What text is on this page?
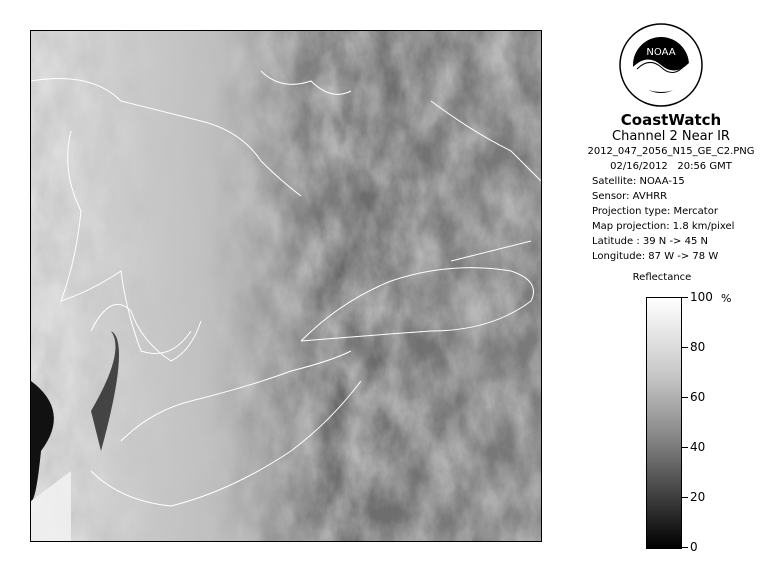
NOAA
CoastWatch
Channel 2 Near IR
2012_047_2056_N15_GE_C2.PNG
02/16/2012 20:56 GMT
Satellite: NOAA-15
Sensor: AVHRR
Projection type: Mercator
Map projection: 1.8 km/pixel
Latitude : 39 N -> 45 N
Longitude: 87 W -> 78 W
Reflectance
%
100
80
60
40
20
0
